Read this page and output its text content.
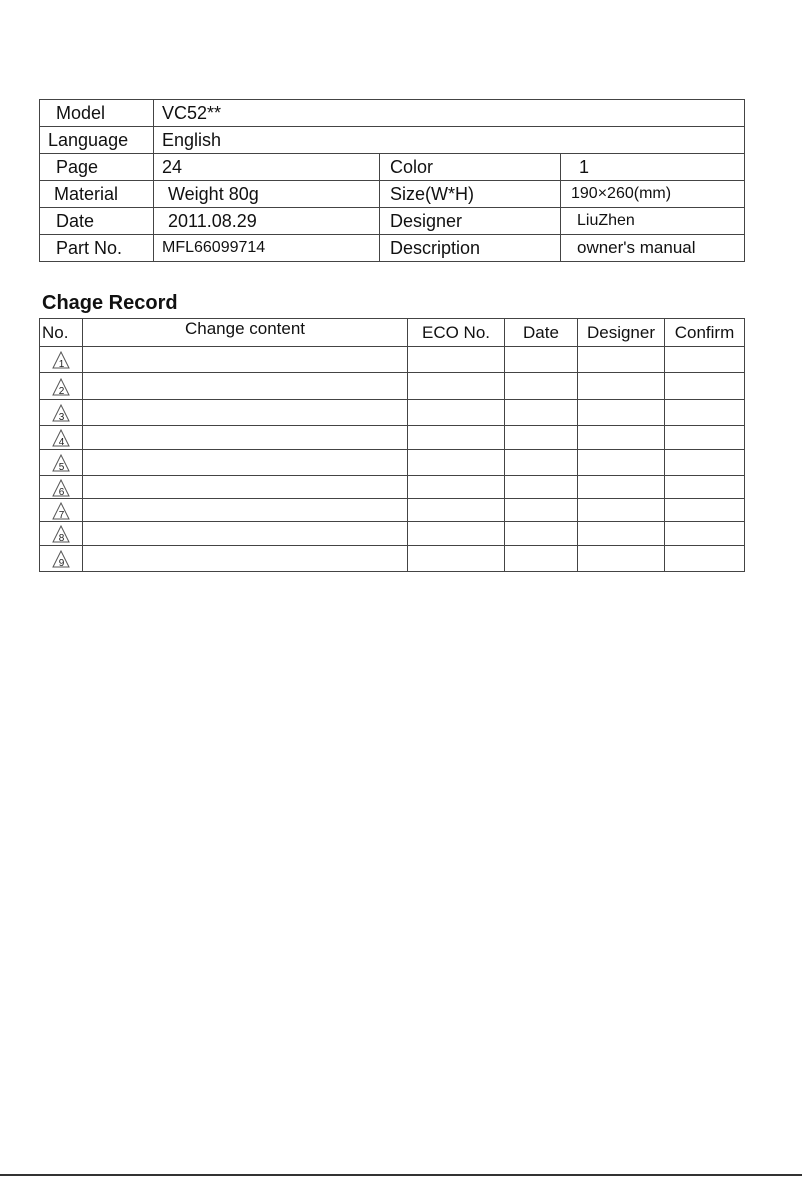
Model	VC52**		
Language	English		
Page	24	Color	1
Material	Weight 80g	Size(W*H)	190×260(mm)
Date	2011.08.29	Designer	LiuZhen
Part No.	MFL66099714	Description	owner's manual
Chage Record
No.	Change content	ECO No.	Date	Designer	Confirm

1					

2					

3					

4					

5					

6					

7					

8					

9					
